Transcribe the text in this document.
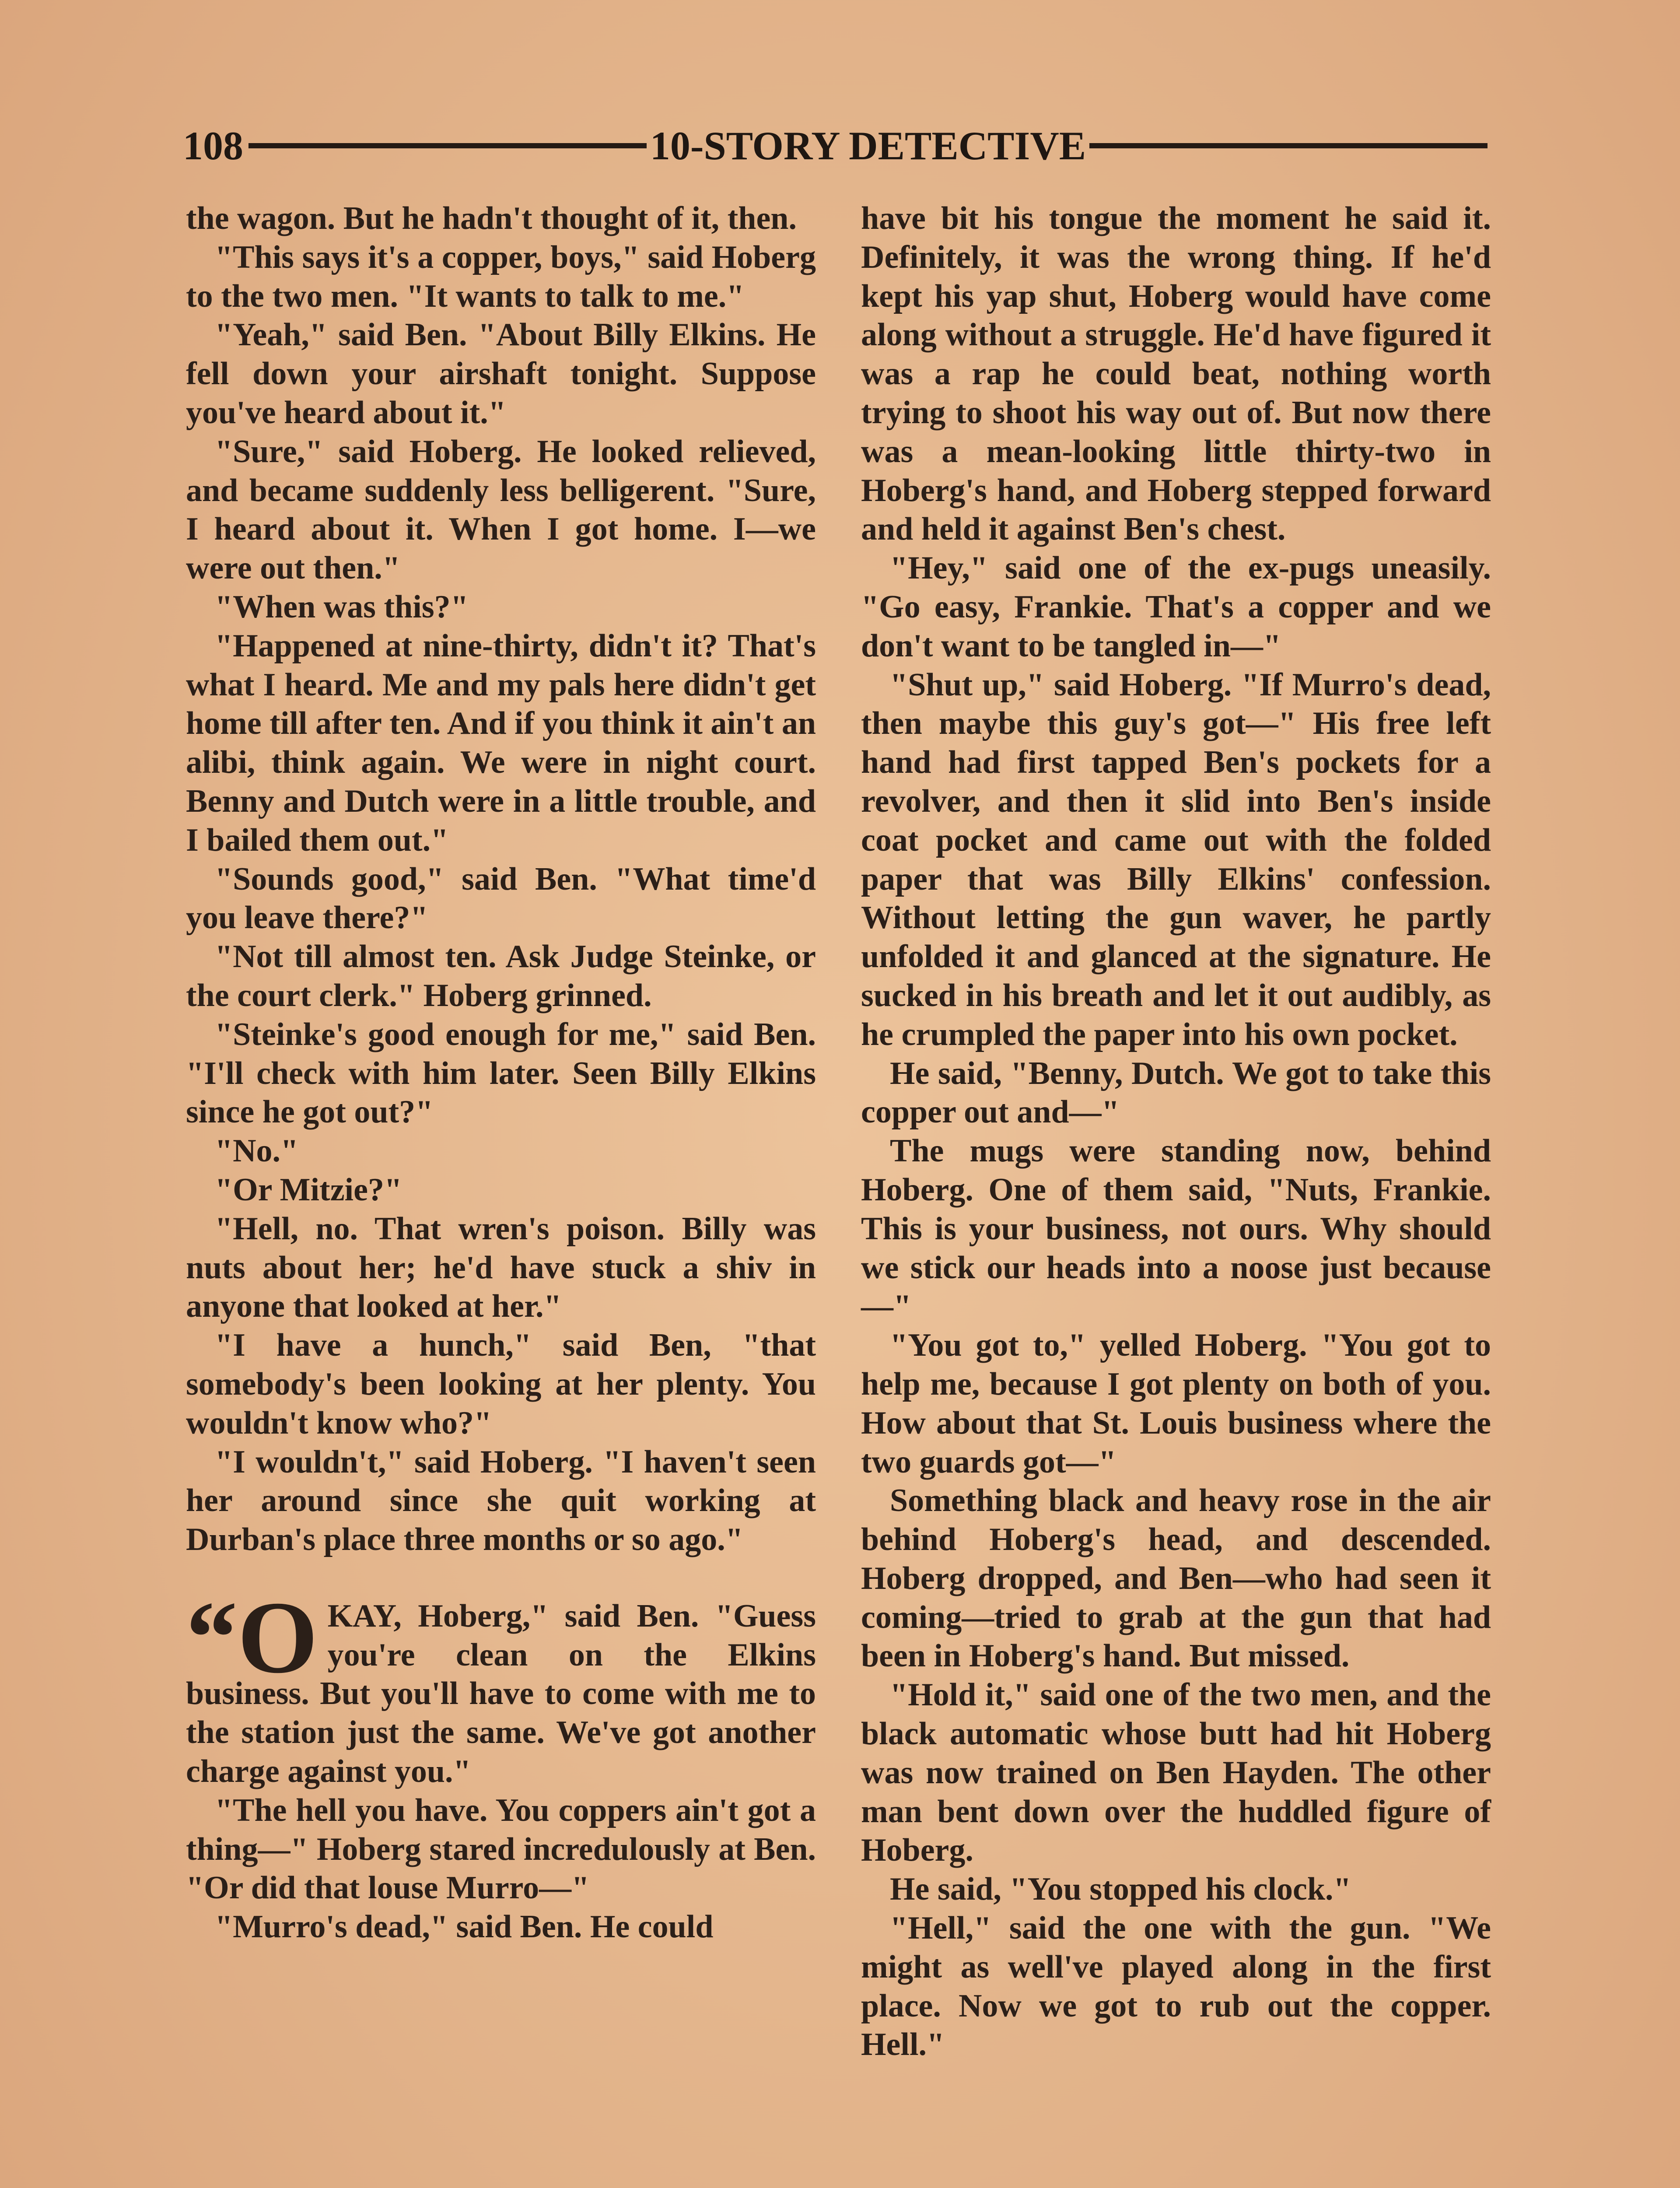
108	10-STORY DETECTIVE

the wagon. But he hadn't thought of it, then.

"This says it's a copper, boys," said Hoberg to the two men. "It wants to talk to me."

"Yeah," said Ben. "About Billy Elkins. He fell down your airshaft tonight. Suppose you've heard about it."

"Sure," said Hoberg. He looked relieved, and became suddenly less belligerent. "Sure, I heard about it. When I got home. I—we were out then."

"When was this?"

"Happened at nine-thirty, didn't it? That's what I heard. Me and my pals here didn't get home till after ten. And if you think it ain't an alibi, think again. We were in night court. Benny and Dutch were in a little trouble, and I bailed them out."

"Sounds good," said Ben. "What time'd you leave there?"

"Not till almost ten. Ask Judge Steinke, or the court clerk." Hoberg grinned.

"Steinke's good enough for me," said Ben. "I'll check with him later. Seen Billy Elkins since he got out?"

"No."

"Or Mitzie?"

"Hell, no. That wren's poison. Billy was nuts about her; he'd have stuck a shiv in anyone that looked at her."

"I have a hunch," said Ben, "that somebody's been looking at her plenty. You wouldn't know who?"

"I wouldn't," said Hoberg. "I haven't seen her around since she quit working at Durban's place three months or so ago."

“O KAY, Hoberg," said Ben. "Guess you're clean on the Elkins business. But you'll have to come with me to the station just the same. We've got another charge against you."

"The hell you have. You coppers ain't got a thing—" Hoberg stared incredulously at Ben. "Or did that louse Murro—"

"Murro's dead," said Ben. He could

have bit his tongue the moment he said it. Definitely, it was the wrong thing. If he'd kept his yap shut, Hoberg would have come along without a struggle. He'd have figured it was a rap he could beat, nothing worth trying to shoot his way out of. But now there was a mean-looking little thirty-two in Hoberg's hand, and Hoberg stepped forward and held it against Ben's chest.

"Hey," said one of the ex-pugs uneasily. "Go easy, Frankie. That's a copper and we don't want to be tangled in—"

"Shut up," said Hoberg. "If Murro's dead, then maybe this guy's got—" His free left hand had first tapped Ben's pockets for a revolver, and then it slid into Ben's inside coat pocket and came out with the folded paper that was Billy Elkins' confession. Without letting the gun waver, he partly unfolded it and glanced at the signature. He sucked in his breath and let it out audibly, as he crumpled the paper into his own pocket.

He said, "Benny, Dutch. We got to take this copper out and—"

The mugs were standing now, behind Hoberg. One of them said, "Nuts, Frankie. This is your business, not ours. Why should we stick our heads into a noose just because—"

"You got to," yelled Hoberg. "You got to help me, because I got plenty on both of you. How about that St. Louis business where the two guards got—"

Something black and heavy rose in the air behind Hoberg's head, and descended. Hoberg dropped, and Ben—who had seen it coming—tried to grab at the gun that had been in Hoberg's hand. But missed.

"Hold it," said one of the two men, and the black automatic whose butt had hit Hoberg was now trained on Ben Hayden. The other man bent down over the huddled figure of Hoberg.

He said, "You stopped his clock."

"Hell," said the one with the gun. "We might as well've played along in the first place. Now we got to rub out the copper. Hell."
